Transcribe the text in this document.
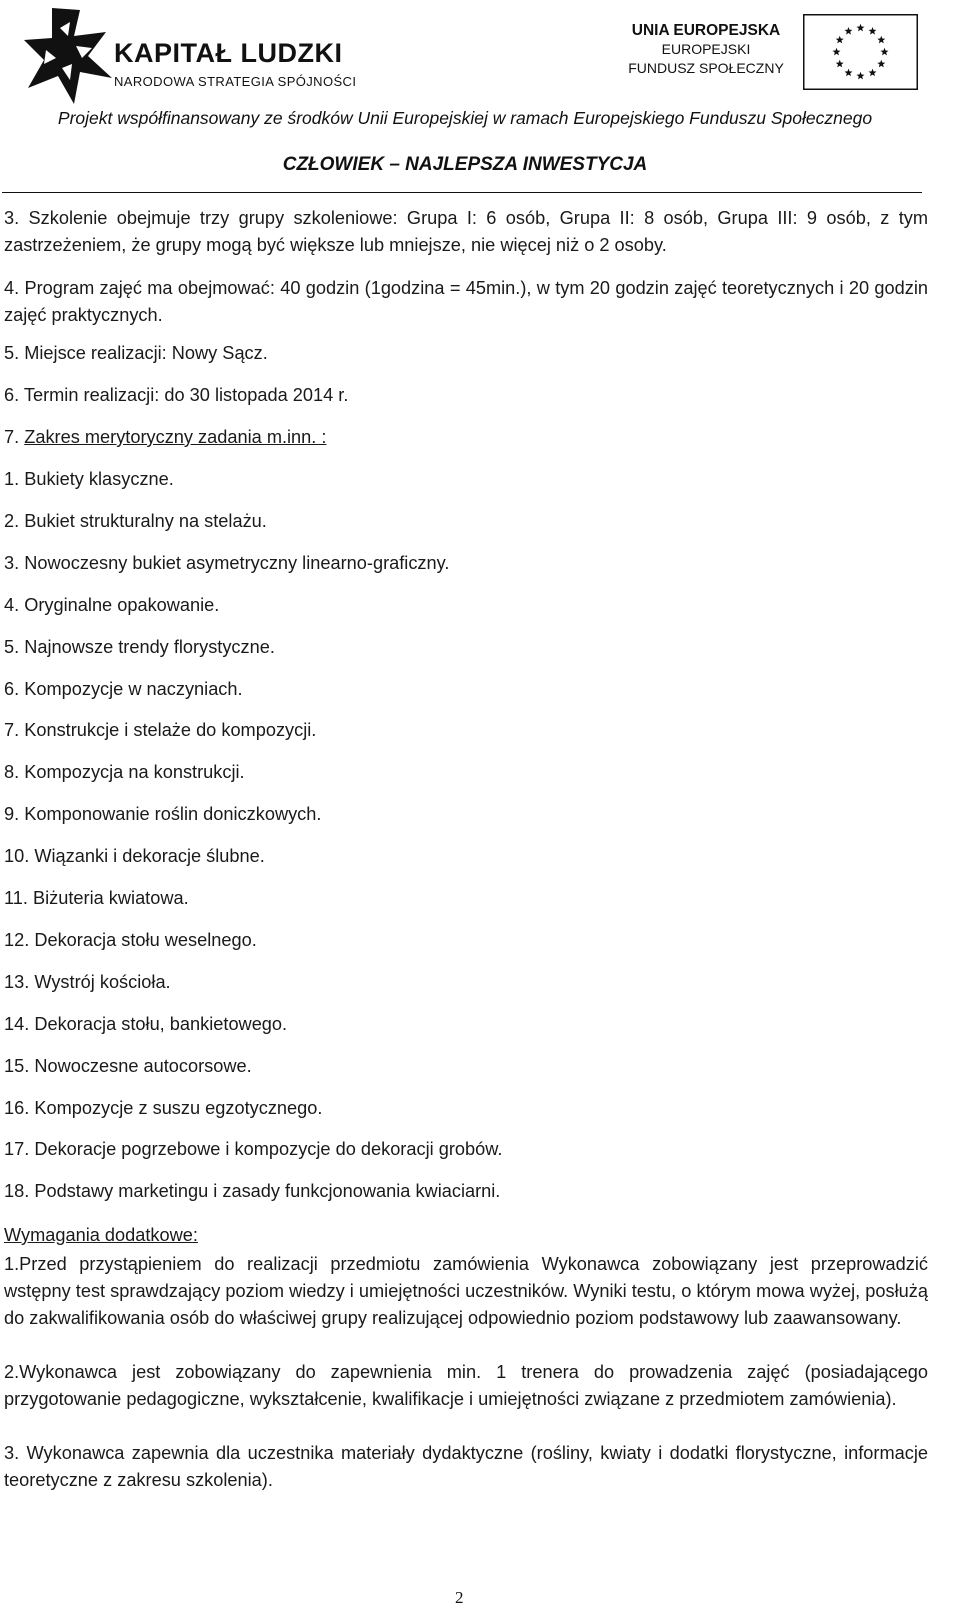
KAPITAŁ LUDZKI
NARODOWA STRATEGIA SPÓJNOŚCI
UNIA EUROPEJSKA
EUROPEJSKI
FUNDUSZ SPOŁECZNY
Projekt współfinansowany ze środków Unii Europejskiej w ramach Europejskiego Funduszu Społecznego
CZŁOWIEK – NAJLEPSZA INWESTYCJA

3. Szkolenie obejmuje trzy grupy szkoleniowe: Grupa I: 6 osób, Grupa II: 8 osób, Grupa III: 9 osób, z tym zastrzeżeniem, że grupy mogą być większe lub mniejsze, nie więcej niż o 2 osoby.

4. Program zajęć ma obejmować: 40 godzin (1godzina = 45min.), w tym 20 godzin zajęć teoretycznych i 20 godzin zajęć praktycznych.

5. Miejsce realizacji: Nowy Sącz.
6. Termin realizacji: do 30 listopada 2014 r.
7. Zakres merytoryczny zadania m.inn. :
1. Bukiety klasyczne.
2. Bukiet strukturalny na stelażu.
3. Nowoczesny bukiet asymetryczny linearno-graficzny.
4. Oryginalne opakowanie.
5. Najnowsze trendy florystyczne.
6. Kompozycje w naczyniach.
7. Konstrukcje i stelaże do kompozycji.
8. Kompozycja na konstrukcji.
9. Komponowanie roślin doniczkowych.
10. Wiązanki i dekoracje ślubne.
11. Biżuteria kwiatowa.
12. Dekoracja stołu weselnego.
13. Wystrój kościoła.
14. Dekoracja stołu, bankietowego.
15. Nowoczesne autocorsowe.
16. Kompozycje z suszu egzotycznego.
17. Dekoracje pogrzebowe i kompozycje do dekoracji grobów.
18. Podstawy marketingu i zasady funkcjonowania kwiaciarni.
Wymagania dodatkowe:

1.Przed przystąpieniem do realizacji przedmiotu zamówienia Wykonawca zobowiązany jest przeprowadzić wstępny test sprawdzający poziom wiedzy i umiejętności uczestników. Wyniki testu, o którym mowa wyżej, posłużą do zakwalifikowania osób do właściwej grupy realizującej odpowiednio poziom podstawowy lub zaawansowany.

2.Wykonawca jest zobowiązany do zapewnienia min. 1 trenera do prowadzenia zajęć (posiadającego przygotowanie pedagogiczne, wykształcenie, kwalifikacje i umiejętności związane z przedmiotem zamówienia).

3. Wykonawca zapewnia dla uczestnika materiały dydaktyczne (rośliny, kwiaty i dodatki florystyczne, informacje teoretyczne z zakresu szkolenia).

2
